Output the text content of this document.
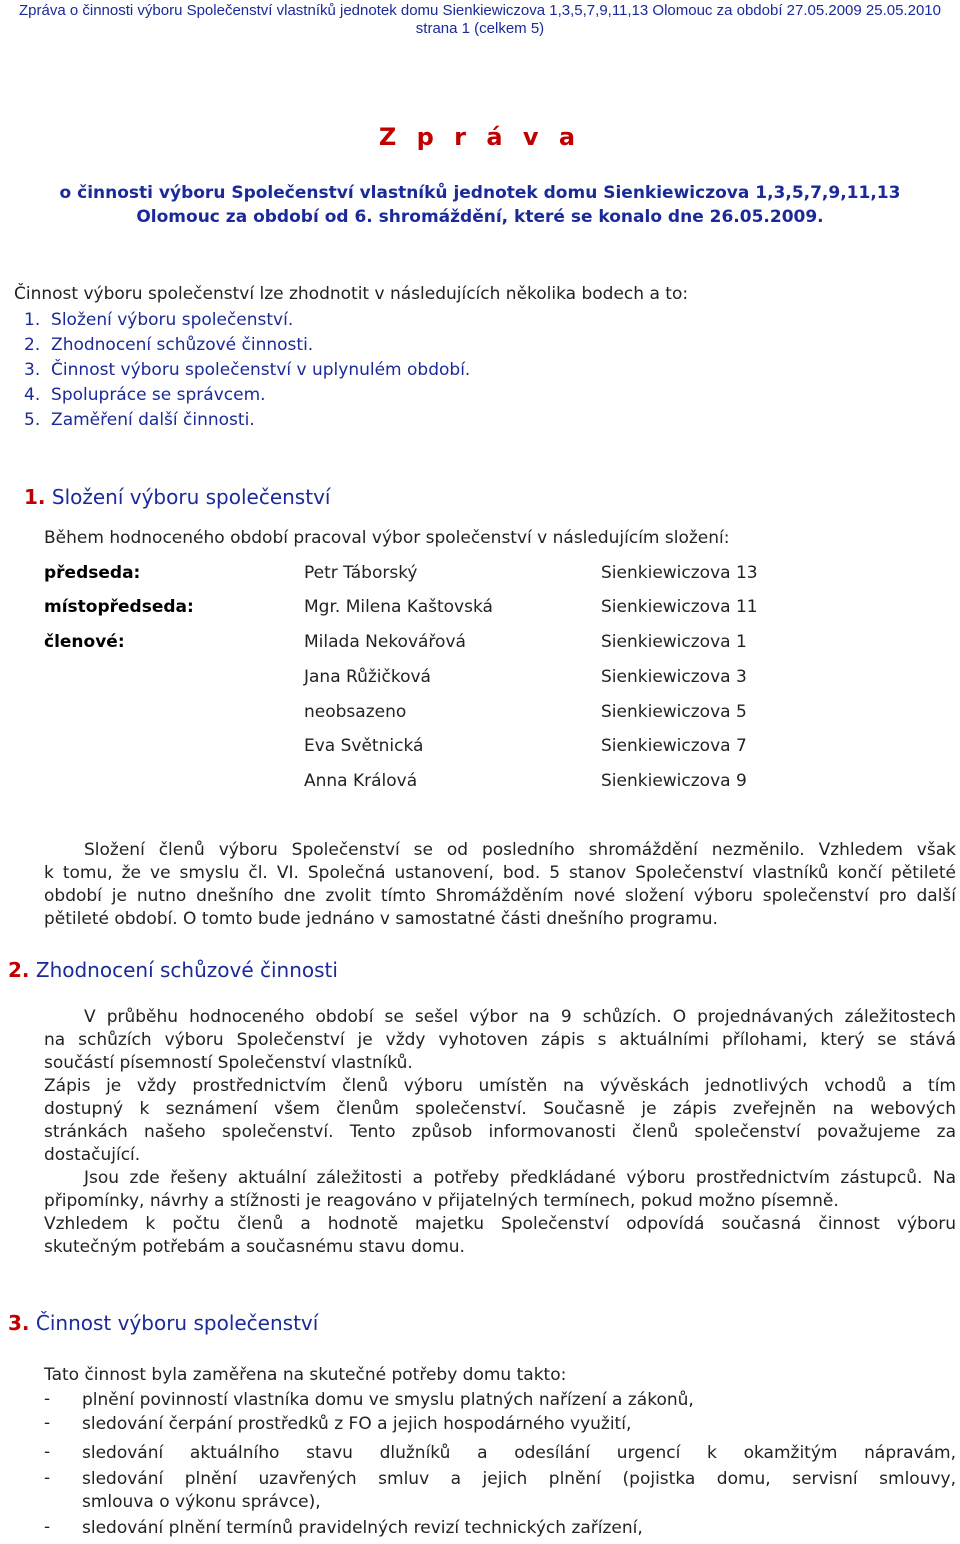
Zpráva o činnosti výboru Společenství vlastníků jednotek domu Sienkiewiczova 1,3,5,7,9,11,13 Olomouc za období 27.05.2009 25.05.2010
strana 1 (celkem 5)
Z p r á v a
o činnosti výboru Společenství vlastníků jednotek domu Sienkiewiczova 1,3,5,7,9,11,13
Olomouc za období od 6. shromáždění, které se konalo dne 26.05.2009.
Činnost výboru společenství lze zhodnotit v následujících několika bodech a to:
1. Složení výboru společenství.
2. Zhodnocení schůzové činnosti.
3. Činnost výboru společenství v uplynulém období.
4. Spolupráce se správcem.
5. Zaměření další činnosti.
1. Složení výboru společenství
Během hodnoceného období pracoval výbor společenství v následujícím složení:
předseda:	Petr Táborský	Sienkiewiczova 13
místopředseda:	Mgr. Milena Kaštovská	Sienkiewiczova 11
členové:	Milada Nekovářová	Sienkiewiczova 1
Jana Růžičková	Sienkiewiczova 3
neobsazeno	Sienkiewiczova 5
Eva Světnická	Sienkiewiczova 7
Anna Králová	Sienkiewiczova 9
Složení členů výboru Společenství se od posledního shromáždění nezměnilo. Vzhledem však
k tomu, že ve smyslu čl. VI. Společná ustanovení, bod. 5 stanov Společenství vlastníků končí pětileté
období je nutno dnešního dne zvolit tímto Shromážděním nové složení výboru společenství pro další
pětileté období. O tomto bude jednáno v samostatné části dnešního programu.
2. Zhodnocení schůzové činnosti
V průběhu hodnoceného období se sešel výbor na 9 schůzích. O projednávaných záležitostech
na schůzích výboru Společenství je vždy vyhotoven zápis s aktuálními přílohami, který se stává
součástí písemností Společenství vlastníků.
Zápis je vždy prostřednictvím členů výboru umístěn na vývěskách jednotlivých vchodů a tím
dostupný k seznámení všem členům společenství. Současně je zápis zveřejněn na webových
stránkách našeho společenství. Tento způsob informovanosti členů společenství považujeme za
dostačující.
Jsou zde řešeny aktuální záležitosti a potřeby předkládané výboru prostřednictvím zástupců. Na
připomínky, návrhy a stížnosti je reagováno v přijatelných termínech, pokud možno písemně.
Vzhledem k počtu členů a hodnotě majetku Společenství odpovídá současná činnost výboru
skutečným potřebám a současnému stavu domu.
3. Činnost výboru společenství
Tato činnost byla zaměřena na skutečné potřeby domu takto:
- plnění povinností vlastníka domu ve smyslu platných nařízení a zákonů,
- sledování čerpání prostředků z FO a jejich hospodárného využití,
- sledování aktuálního stavu dlužníků a odesílání urgencí k okamžitým nápravám,
- sledování plnění uzavřených smluv a jejich plnění (pojistka domu, servisní smlouvy,
smlouva o výkonu správce),
- sledování plnění termínů pravidelných revizí technických zařízení,
